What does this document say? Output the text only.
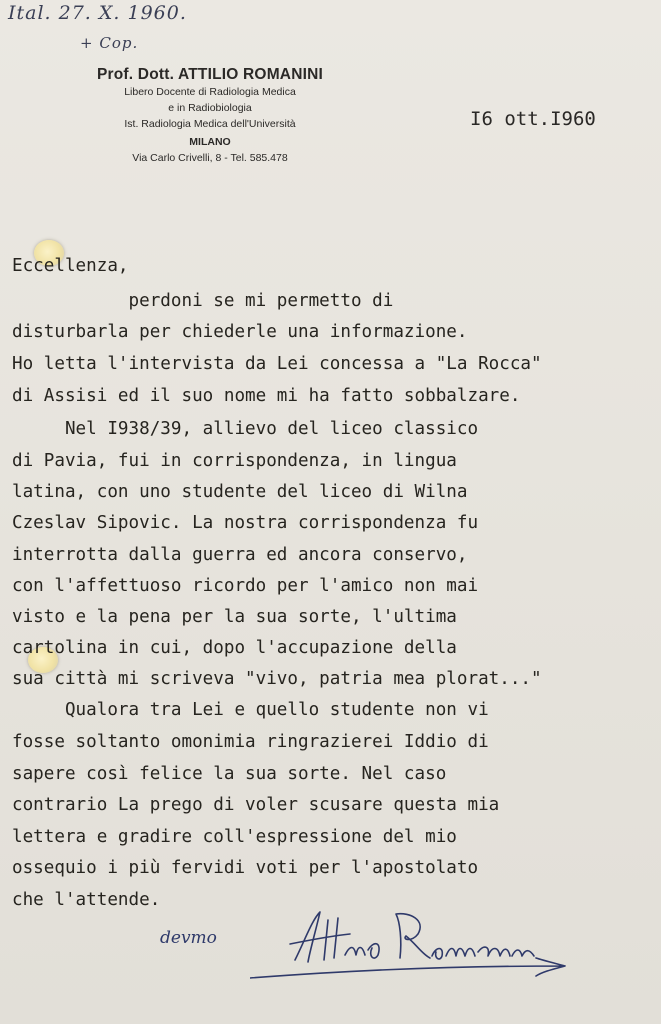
Ital. 27. X. 1960.
+ Cop.
Prof. Dott. ATTILIO ROMANINI
Libero Docente di Radiologia Medica
e in Radiobiologia
Ist. Radiologia Medica dell'Università
MILANO
Via Carlo Crivelli, 8 - Tel. 585.478
I6 ott.I960

Eccellenza,

perdoni se mi permetto di

disturbarla per chiederle una informazione.

Ho letta l'intervista da Lei concessa a "La Rocca"

di Assisi ed il suo nome mi ha fatto sobbalzare.

Nel I938/39, allievo del liceo classico

di Pavia, fui in corrispondenza, in lingua

latina, con uno studente del liceo di Wilna

Czeslav Sipovic. La nostra corrispondenza fu

interrotta dalla guerra ed ancora conservo,

con l'affettuoso ricordo per l'amico non mai

visto e la pena per la sua sorte, l'ultima

cartolina in cui, dopo l'accupazione della

sua città mi scriveva "vivo, patria mea plorat..."

Qualora tra Lei e quello studente non vi

fosse soltanto omonimia ringrazierei Iddio di

sapere così felice la sua sorte. Nel caso

contrario La prego di voler scusare questa mia

lettera e gradire coll'espressione del mio

ossequio i più fervidi voti per l'apostolato

che l'attende.

devmo
